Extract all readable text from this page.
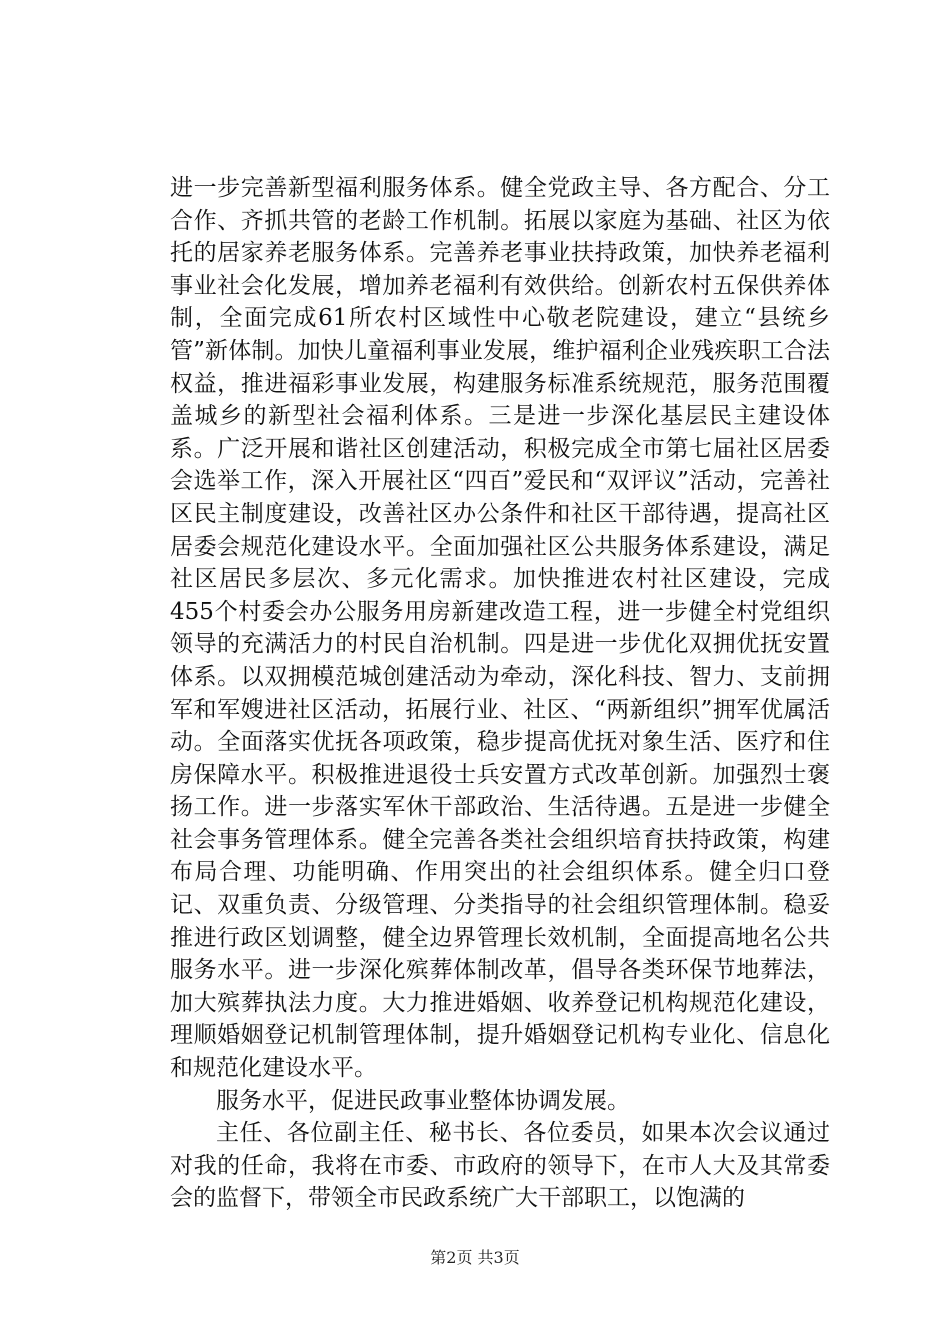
进一步完善新型福利服务体系。健全党政主导、各方配合、分工合作、齐抓共管的老龄工作机制。拓展以家庭为基础、社区为依托的居家养老服务体系。完善养老事业扶持政策，加快养老福利事业社会化发展，增加养老福利有效供给。创新农村五保供养体制，全面完成61所农村区域性中心敬老院建设，建立“县统乡管”新体制。加快儿童福利事业发展，维护福利企业残疾职工合法权益，推进福彩事业发展，构建服务标准系统规范，服务范围覆盖城乡的新型社会福利体系。三是进一步深化基层民主建设体系。广泛开展和谐社区创建活动，积极完成全市第七届社区居委会选举工作，深入开展社区“四百”爱民和“双评议”活动，完善社区民主制度建设，改善社区办公条件和社区干部待遇，提高社区居委会规范化建设水平。全面加强社区公共服务体系建设，满足社区居民多层次、多元化需求。加快推进农村社区建设，完成455个村委会办公服务用房新建改造工程，进一步健全村党组织领导的充满活力的村民自治机制。四是进一步优化双拥优抚安置体系。以双拥模范城创建活动为牵动，深化科技、智力、支前拥军和军嫂进社区活动，拓展行业、社区、“两新组织”拥军优属活动。全面落实优抚各项政策，稳步提高优抚对象生活、医疗和住房保障水平。积极推进退役士兵安置方式改革创新。加强烈士褒扬工作。进一步落实军休干部政治、生活待遇。五是进一步健全社会事务管理体系。健全完善各类社会组织培育扶持政策，构建布局合理、功能明确、作用突出的社会组织体系。健全归口登记、双重负责、分级管理、分类指导的社会组织管理体制。稳妥推进行政区划调整，健全边界管理长效机制，全面提高地名公共服务水平。进一步深化殡葬体制改革，倡导各类环保节地葬法，加大殡葬执法力度。大力推进婚姻、收养登记机构规范化建设，理顺婚姻登记机制管理体制，提升婚姻登记机构专业化、信息化和规范化建设水平。

服务水平，促进民政事业整体协调发展。

主任、各位副主任、秘书长、各位委员，如果本次会议通过对我的任命，我将在市委、市政府的领导下，在市人大及其常委会的监督下，带领全市民政系统广大干部职工，以饱满的

第2页 共3页
